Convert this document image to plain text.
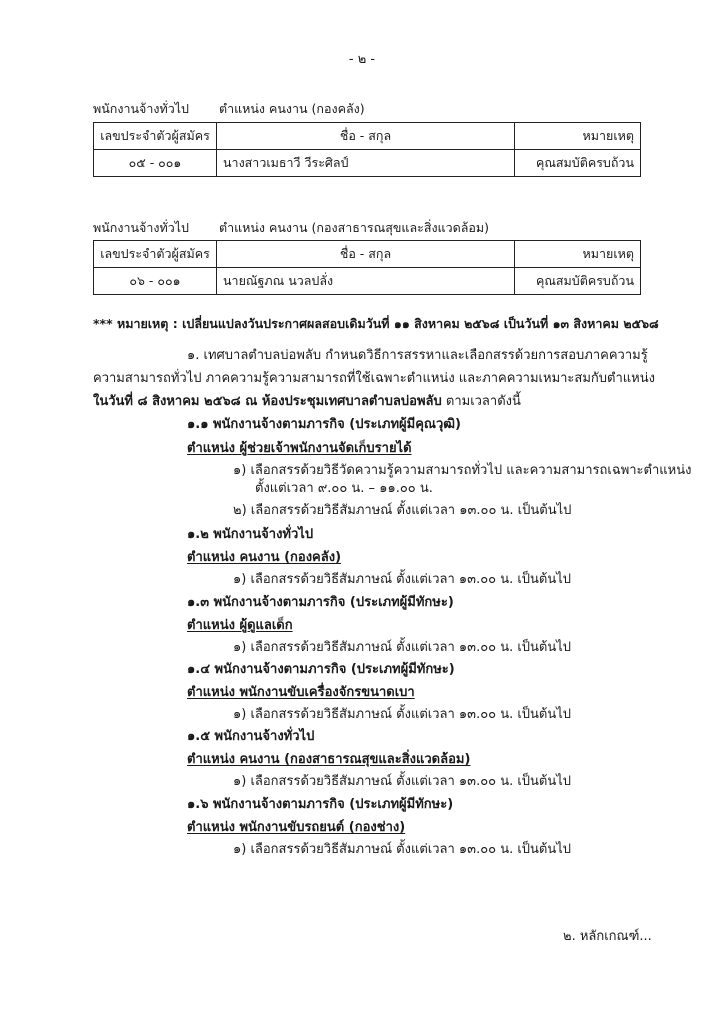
- ๒ -
พนักงานจ้างทั่วไป ตำแหน่ง คนงาน (กองคลัง)
เลขประจำตัวผู้สมัคร	ชื่อ - สกุล	หมายเหตุ
๐๕ - ๐๐๑	นางสาวเมธาวี วีระศิลป์	คุณสมบัติครบถ้วน
พนักงานจ้างทั่วไป ตำแหน่ง คนงาน (กองสาธารณสุขและสิ่งแวดล้อม)
เลขประจำตัวผู้สมัคร	ชื่อ - สกุล	หมายเหตุ
๐๖ - ๐๐๑	นายณัฐภณ นวลปลั่ง	คุณสมบัติครบถ้วน
*** หมายเหตุ : เปลี่ยนแปลงวันประกาศผลสอบเดิมวันที่ ๑๑ สิงหาคม ๒๕๖๘ เป็นวันที่ ๑๓ สิงหาคม ๒๕๖๘
๑. เทศบาลตำบลบ่อพลับ กำหนดวิธีการสรรหาและเลือกสรรด้วยการสอบภาคความรู้
ความสามารถทั่วไป ภาคความรู้ความสามารถที่ใช้เฉพาะตำแหน่ง และภาคความเหมาะสมกับตำแหน่ง
ในวันที่ ๘ สิงหาคม ๒๕๖๘ ณ ห้องประชุมเทศบาลตำบลบ่อพลับ ตามเวลาดังนี้
๑.๑ พนักงานจ้างตามภารกิจ (ประเภทผู้มีคุณวุฒิ)
ตำแหน่ง ผู้ช่วยเจ้าพนักงานจัดเก็บรายได้
๑) เลือกสรรด้วยวิธีวัดความรู้ความสามารถทั่วไป และความสามารถเฉพาะตำแหน่ง
ตั้งแต่เวลา ๙.๐๐ น. – ๑๑.๐๐ น.
๒) เลือกสรรด้วยวิธีสัมภาษณ์ ตั้งแต่เวลา ๑๓.๐๐ น. เป็นต้นไป
๑.๒ พนักงานจ้างทั่วไป
ตำแหน่ง คนงาน (กองคลัง)
๑) เลือกสรรด้วยวิธีสัมภาษณ์ ตั้งแต่เวลา ๑๓.๐๐ น. เป็นต้นไป
๑.๓ พนักงานจ้างตามภารกิจ (ประเภทผู้มีทักษะ)
ตำแหน่ง ผู้ดูแลเด็ก
๑) เลือกสรรด้วยวิธีสัมภาษณ์ ตั้งแต่เวลา ๑๓.๐๐ น. เป็นต้นไป
๑.๔ พนักงานจ้างตามภารกิจ (ประเภทผู้มีทักษะ)
ตำแหน่ง พนักงานขับเครื่องจักรขนาดเบา
๑) เลือกสรรด้วยวิธีสัมภาษณ์ ตั้งแต่เวลา ๑๓.๐๐ น. เป็นต้นไป
๑.๕ พนักงานจ้างทั่วไป
ตำแหน่ง คนงาน (กองสาธารณสุขและสิ่งแวดล้อม)
๑) เลือกสรรด้วยวิธีสัมภาษณ์ ตั้งแต่เวลา ๑๓.๐๐ น. เป็นต้นไป
๑.๖ พนักงานจ้างตามภารกิจ (ประเภทผู้มีทักษะ)
ตำแหน่ง พนักงานขับรถยนต์ (กองช่าง)
๑) เลือกสรรด้วยวิธีสัมภาษณ์ ตั้งแต่เวลา ๑๓.๐๐ น. เป็นต้นไป
๒. หลักเกณฑ์...
